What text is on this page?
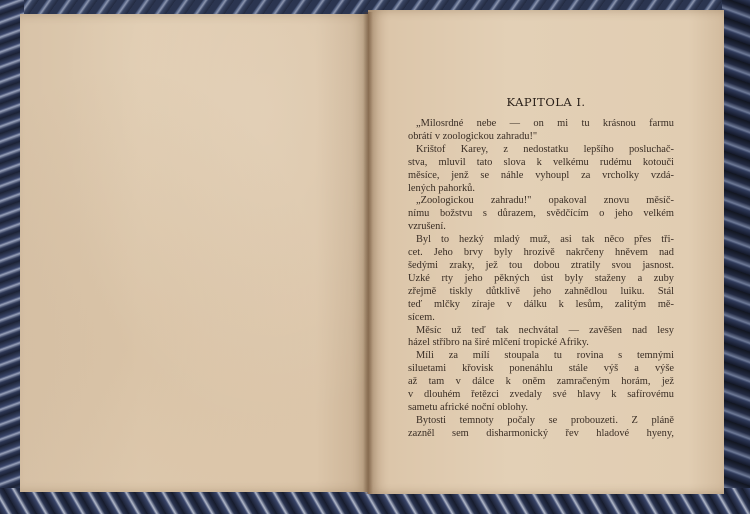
KAPITOLA I.
„Milosrdné nebe — on mi tu krásnou farmu
obrátí v zoologickou zahradu!"
Krištof Karey, z nedostatku lepšího posluchač-
stva, mluvil tato slova k velkému rudému kotouči
měsíce, jenž se náhle vyhoupl za vrcholky vzdá-
lených pahorků.
„Zoologickou zahradu!" opakoval znovu měsíč-
nímu božstvu s důrazem, svědčícím o jeho velkém
vzrušení.
Byl to hezký mladý muž, asi tak něco přes tři-
cet. Jeho brvy byly hrozivě nakrčeny hněvem nad
šedými zraky, jež tou dobou ztratily svou jasnost.
Úzké rty jeho pěkných úst byly staženy a zuby
zřejmě tiskly důtklivě jeho zahnědlou luiku. Stál
teď mlčky zíraje v dálku k lesům, zalitým mě-
sícem.
Měsíc už teď tak nechvátal — zavěšen nad lesy
házel stříbro na širé mlčení tropické Afriky.
Míli za mílí stoupala tu rovina s temnými
siluetami křovisk ponenáhlu stále výš a výše
až tam v dálce k oněm zamračeným horám, jež
v dlouhém řetězci zvedaly své hlavy k safírovému
sametu africké noční oblohy.
Bytosti temnoty počaly se probouzeti. Z pláně
zazněl sem disharmonický řev hladové hyeny,
